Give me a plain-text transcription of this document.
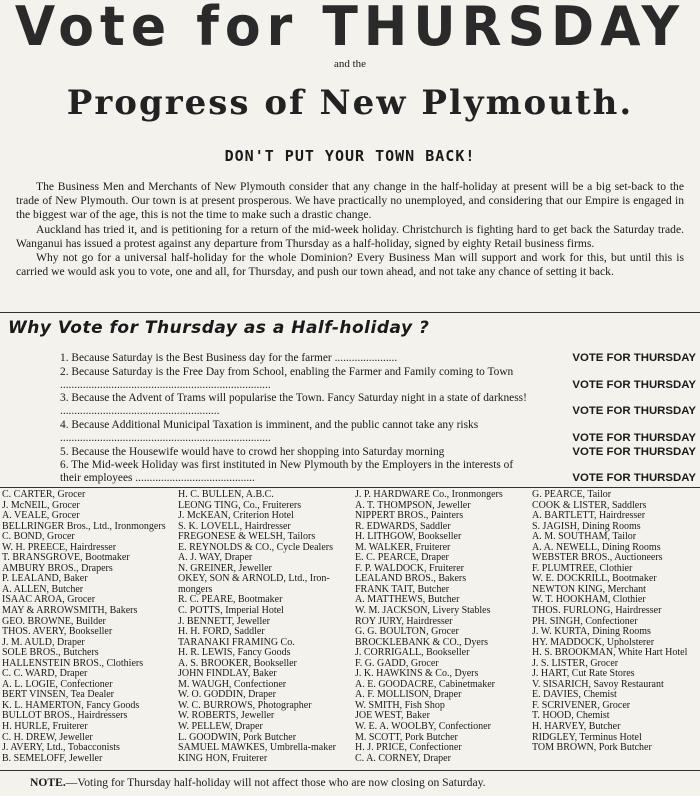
Vote for THURSDAY
and the
Progress of New Plymouth.
DON'T PUT YOUR TOWN BACK!

The Business Men and Merchants of New Plymouth consider that any change in the half-holiday at present will be a big set-back to the trade of New Plymouth. Our town is at present prosperous. We have practically no unemployed, and considering that our Empire is engaged in the biggest war of the age, this is not the time to make such a drastic change.

Auckland has tried it, and is petitioning for a return of the mid-week holiday. Christchurch is fighting hard to get back the Saturday trade. Wanganui has issued a protest against any departure from Thursday as a half-holiday, signed by eighty Retail business firms.

Why not go for a universal half-holiday for the whole Dominion? Every Business Man will support and work for this, but until this is carried we would ask you to vote, one and all, for Thursday, and push our town ahead, and not take any chance of setting it back.

Why Vote for Thursday as a Half-holiday ?
1. Because Saturday is the Best Business day for the farmer ......................	VOTE FOR THURSDAY
2. Because Saturday is the Free Day from School, enabling the Farmer and Family coming to Town ..........................................................................	VOTE FOR THURSDAY
3. Because the Advent of Trams will popularise the Town. Fancy Saturday night in a state of darkness! ........................................................	VOTE FOR THURSDAY
4. Because Additional Municipal Taxation is imminent, and the public cannot take any risks ..........................................................................	VOTE FOR THURSDAY
5. Because the Housewife would have to crowd her shopping into Saturday morning	VOTE FOR THURSDAY
6. The Mid-week Holiday was first instituted in New Plymouth by the Employers in the interests of their employees ..........................................	VOTE FOR THURSDAY
C. CARTER, Grocer
J. McNEIL, Grocer
A. VEALE, Grocer
BELLRINGER Bros., Ltd., Ironmongers
C. BOND, Grocer
W. H. PREECE, Hairdresser
T. BRANSGROVE, Bootmaker
AMBURY BROS., Drapers
P. LEALAND, Baker
A. ALLEN, Butcher
ISAAC AROA, Grocer
MAY & ARROWSMITH, Bakers
GEO. BROWNE, Builder
THOS. AVERY, Bookseller
J. M. AULD, Draper
SOLE BROS., Butchers
HALLENSTEIN BROS., Clothiers
C. C. WARD, Draper
A. L. LOGIE, Confectioner
BERT VINSEN, Tea Dealer
K. L. HAMERTON, Fancy Goods
BULLOT BROS., Hairdressers
H. HURLE, Fruiterer
C. H. DREW, Jeweller
J. AVERY, Ltd., Tobacconists
B. SEMELOFF, Jeweller
H. C. BULLEN, A.B.C.
LEONG TING, Co., Fruiterers
J. McKEAN, Criterion Hotel
S. K. LOVELL, Hairdresser
FREGONESE & WELSH, Tailors
E. REYNOLDS & CO., Cycle Dealers
A. J. WAY, Draper
N. GREINER, Jeweller
OKEY, SON & ARNOLD, Ltd., Iron-
mongers
R. C. PEARE, Bootmaker
C. POTTS, Imperial Hotel
J. BENNETT, Jeweller
H. H. FORD, Saddler
TARANAKI FRAMING Co.
H. R. LEWIS, Fancy Goods
A. S. BROOKER, Bookseller
JOHN FINDLAY, Baker
M. WAUGH, Confectioner
W. O. GODDIN, Draper
W. C. BURROWS, Photographer
W. ROBERTS, Jeweller
W. PELLEW, Draper
L. GOODWIN, Pork Butcher
SAMUEL MAWKES, Umbrella-maker
KING HON, Fruiterer
J. P. HARDWARE Co., Ironmongers
A. T. THOMPSON, Jeweller
NIPPERT BROS., Painters
R. EDWARDS, Saddler
H. LITHGOW, Bookseller
M. WALKER, Fruiterer
E. C. PEARCE, Draper
F. P. WALDOCK, Fruiterer
LEALAND BROS., Bakers
FRANK TAIT, Butcher
A. MATTHEWS, Butcher
W. M. JACKSON, Livery Stables
ROY JURY, Hairdresser
G. G. BOULTON, Grocer
BROCKLEBANK & CO., Dyers
J. CORRIGALL, Bookseller
F. G. GADD, Grocer
J. K. HAWKINS & Co., Dyers
A. E. GOODACRE, Cabinetmaker
A. F. MOLLISON, Draper
W. SMITH, Fish Shop
JOE WEST, Baker
W. E. A. WOOLBY, Confectioner
M. SCOTT, Pork Butcher
H. J. PRICE, Confectioner
C. A. CORNEY, Draper
G. PEARCE, Tailor
COOK & LISTER, Saddlers
A. BARTLETT, Hairdresser
S. JAGISH, Dining Rooms
A. M. SOUTHAM, Tailor
A. A. NEWELL, Dining Rooms
WEBSTER BROS., Auctioneers
F. PLUMTREE, Clothier
W. E. DOCKRILL, Bootmaker
NEWTON KING, Merchant
W. T. HOOKHAM, Clothier
THOS. FURLONG, Hairdresser
PH. SINGH, Confectioner
J. W. KURTA, Dining Rooms
HY. MADDOCK, Upholsterer
H. S. BROOKMAN, White Hart Hotel
J. S. LISTER, Grocer
J. HART, Cut Rate Stores
V. SISARICH, Savoy Restaurant
E. DAVIES, Chemist
F. SCRIVENER, Grocer
T. HOOD, Chemist
H. HARVEY, Butcher
RIDGLEY, Terminus Hotel
TOM BROWN, Pork Butcher
NOTE.—Voting for Thursday half-holiday will not affect those who are now closing on Saturday.
